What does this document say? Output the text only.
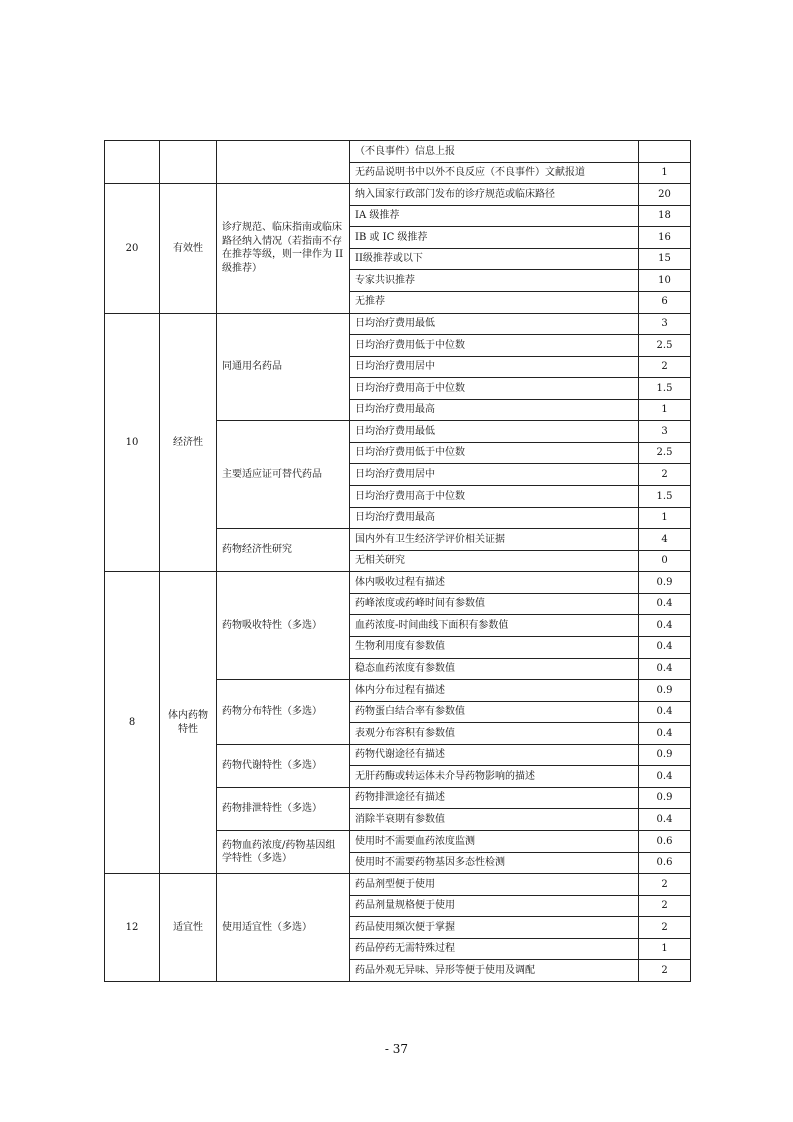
			（不良事件）信息上报	
			无药品说明书中以外不良反应（不良事件）文献报道	1
20	有效性	诊疗规范、临床指南或临床路径纳入情况（若指南不存在推荐等级，则一律作为 II 级推荐）	纳入国家行政部门发布的诊疗规范或临床路径	20
			IA 级推荐	18
			IB 或 IC 级推荐	16
			II级推荐或以下	15
			专家共识推荐	10
			无推荐	6
10	经济性	同通用名药品	日均治疗费用最低	3
			日均治疗费用低于中位数	2.5
			日均治疗费用居中	2
			日均治疗费用高于中位数	1.5
			日均治疗费用最高	1
		主要适应证可替代药品	日均治疗费用最低	3
			日均治疗费用低于中位数	2.5
			日均治疗费用居中	2
			日均治疗费用高于中位数	1.5
			日均治疗费用最高	1
		药物经济性研究	国内外有卫生经济学评价相关证据	4
			无相关研究	0
8	体内药物特性	药物吸收特性（多选）	体内吸收过程有描述	0.9
			药峰浓度或药峰时间有参数值	0.4
			血药浓度-时间曲线下面积有参数值	0.4
			生物利用度有参数值	0.4
			稳态血药浓度有参数值	0.4
		药物分布特性（多选）	体内分布过程有描述	0.9
			药物蛋白结合率有参数值	0.4
			表观分布容积有参数值	0.4
		药物代谢特性（多选）	药物代谢途径有描述	0.9
			无肝药酶或转运体未介导药物影响的描述	0.4
		药物排泄特性（多选）	药物排泄途径有描述	0.9
			消除半衰期有参数值	0.4
		药物血药浓度/药物基因组学特性（多选）	使用时不需要血药浓度监测	0.6
			使用时不需要药物基因多态性检测	0.6
12	适宜性	使用适宜性（多选）	药品剂型便于使用	2
			药品剂量规格便于使用	2
			药品使用频次便于掌握	2
			药品停药无需特殊过程	1
			药品外观无异味、异形等便于使用及调配	2
- 37
